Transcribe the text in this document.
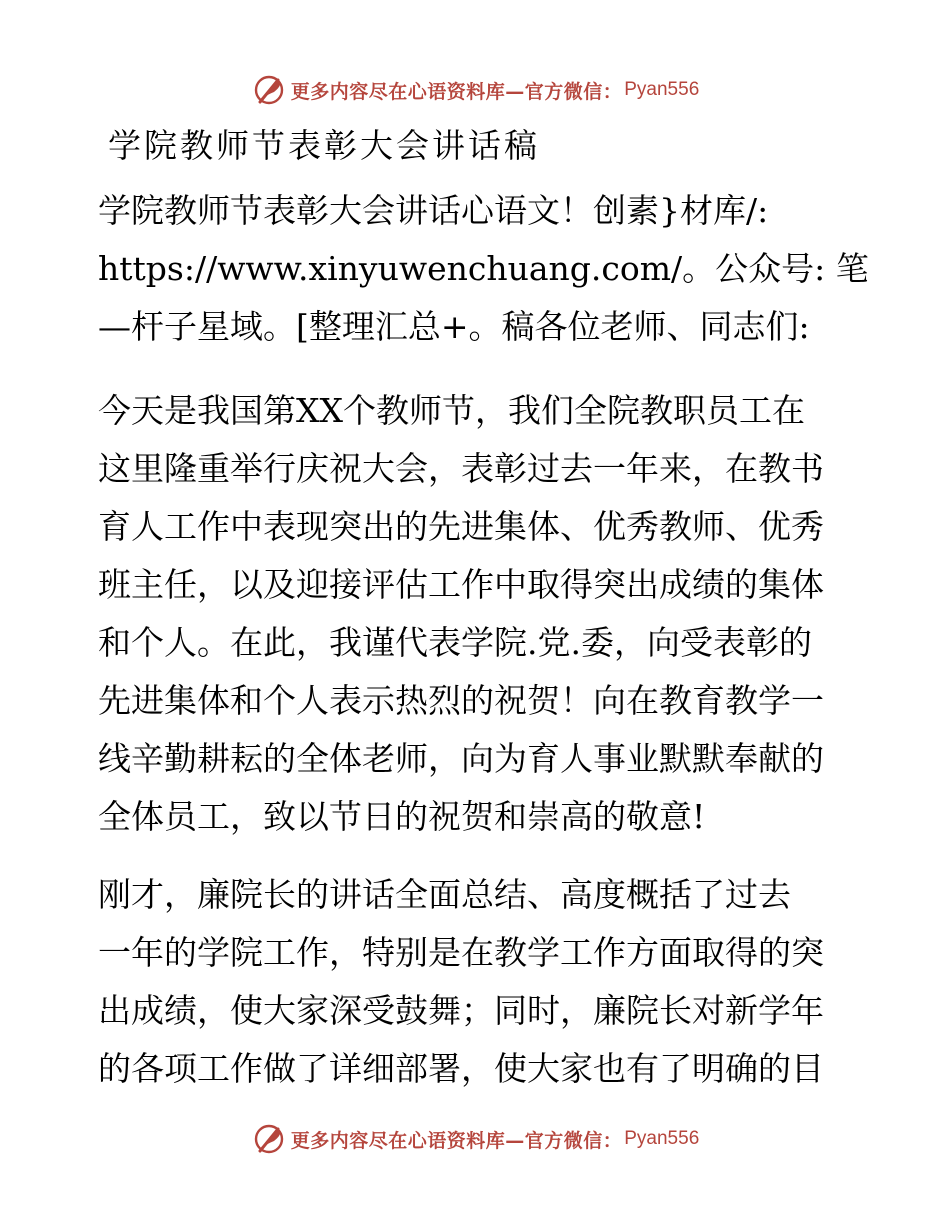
更多内容尽在心语资料库—官方微信： Pyan556
学院教师节表彰大会讲话稿
学院教师节表彰大会讲话心语文！创素}材库/:
https://www.xinyuwenchuang.com/。公众号: 笔
—杆子星域。[整理汇总+。稿各位老师、同志们:
今天是我国第XX个教师节，我们全院教职员工在
这里隆重举行庆祝大会，表彰过去一年来，在教书
育人工作中表现突出的先进集体、优秀教师、优秀
班主任，以及迎接评估工作中取得突出成绩的集体
和个人。在此，我谨代表学院.党.委，向受表彰的
先进集体和个人表示热烈的祝贺！向在教育教学一
线辛勤耕耘的全体老师，向为育人事业默默奉献的
全体员工，致以节日的祝贺和崇高的敬意!
刚才，廉院长的讲话全面总结、高度概括了过去
一年的学院工作，特别是在教学工作方面取得的突
出成绩，使大家深受鼓舞；同时，廉院长对新学年
的各项工作做了详细部署，使大家也有了明确的目
更多内容尽在心语资料库—官方微信： Pyan556
